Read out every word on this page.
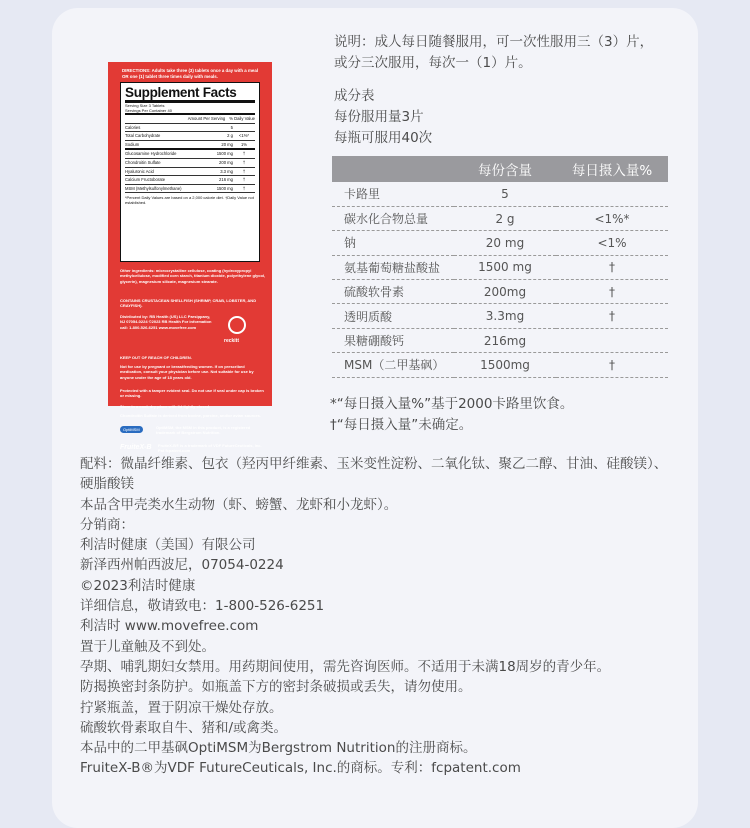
DIRECTIONS: Adults take three (3) tablets once a day with a meal OR one (1) tablet three times daily with meals.
Supplement Facts
Serving Size 3 Tablets
Servings Per Container 40
Amount Per Serving % Daily Value
Calories	5
Total Carbohydrate	2 g	<1%*
Sodium	20 mg	1%
Glucosamine Hydrochloride	1500 mg	†
Chondroitin Sulfate	200 mg	†
Hyaluronic Acid	3.3 mg	†
Calcium Fructoborate	216 mg	†
MSM (Methylsulfonylmethane)	1500 mg	†
*Percent Daily Values are based on a 2,000 calorie diet. †Daily Value not established.
Other ingredients: microcrystalline cellulose, coating (hydroxypropyl methylcellulose, modified corn starch, titanium dioxide, polyethylene glycol, glycerin), magnesium silicate, magnesium stearate.
CONTAINS CRUSTACEAN SHELLFISH (SHRIMP, CRAB, LOBSTER, AND CRAYFISH).
Distributed by: RB Health (US) LLC Parsippany, NJ 07054-0224 ©2023 RB Health For information call: 1-800-526-6251 www.movefree.com
reckitt
KEEP OUT OF REACH OF CHILDREN.
Not for use by pregnant or breastfeeding women. If on prescribed medication, consult your physician before use. Not suitable for use by anyone under the age of 18 years old.
Protected with a tamper evident seal. Do not use if seal under cap is broken or missing.
Store in a cool, dry place with lid tightly closed.
Chondroitin Sulfate is derived from bovine, porcine, and/or avian sources.
OptiMSM	OptiMSM, the MSM in this product, is a registered trademark of Bergstrom Nutrition.
FruiteX-B FruiteX-B® is a trademark of VDF FutureCeuticals, Inc. Pat fcpatent.com
说明：成人每日随餐服用，可一次性服用三（3）片，
或分三次服用，每次一（1）片。
成分表
每份服用量3片
每瓶可服用40次
	每份含量	每日摄入量%
卡路里	5	
碳水化合物总量	2 g	<1%*
钠	20 mg	<1%
氨基葡萄糖盐酸盐	1500 mg	†
硫酸软骨素	200mg	†
透明质酸	3.3mg	†
果糖硼酸钙	216mg	
MSM（二甲基砜）	1500mg	†
*“每日摄入量%”基于2000卡路里饮食。
†“每日摄入量”未确定。
配料：微晶纤维素、包衣（羟丙甲纤维素、玉米变性淀粉、二氧化钛、聚乙二醇、甘油、硅酸镁）、
硬脂酸镁
本品含甲壳类水生动物（虾、螃蟹、龙虾和小龙虾）。
分销商：
利洁时健康（美国）有限公司
新泽西州帕西波尼，07054-0224
©2023利洁时健康
详细信息，敬请致电：1-800-526-6251
利洁时 www.movefree.com
置于儿童触及不到处。
孕期、哺乳期妇女禁用。用药期间使用，需先咨询医师。不适用于未满18周岁的青少年。
防揭换密封条防护。如瓶盖下方的密封条破损或丢失，请勿使用。
拧紧瓶盖，置于阴凉干燥处存放。
硫酸软骨素取自牛、猪和/或禽类。
本品中的二甲基砜OptiMSM为Bergstrom Nutrition的注册商标。
FruiteX-B®为VDF FutureCeuticals, Inc.的商标。专利：fcpatent.com
